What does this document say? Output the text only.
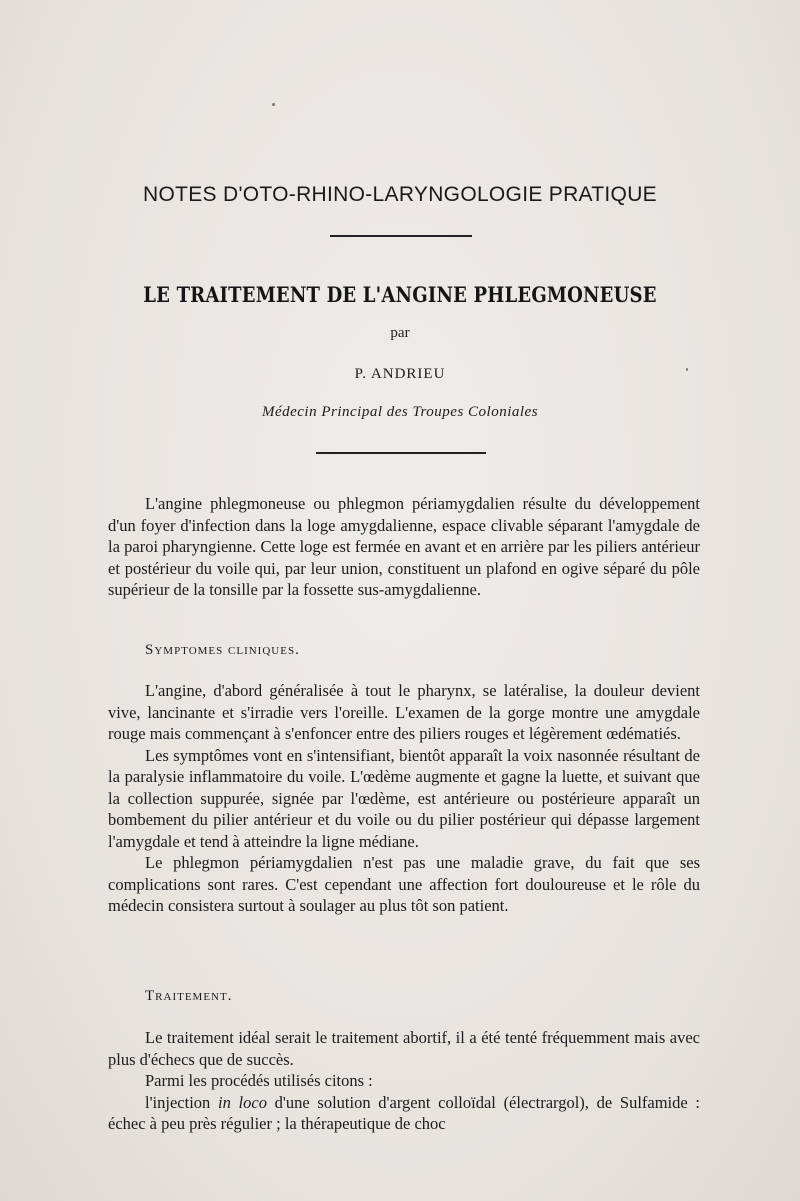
NOTES D'OTO-RHINO-LARYNGOLOGIE PRATIQUE
LE TRAITEMENT DE L'ANGINE PHLEGMONEUSE
par
P. ANDRIEU
Médecin Principal des Troupes Coloniales

L'angine phlegmoneuse ou phlegmon périamygdalien résulte du développement d'un foyer d'infection dans la loge amygdalienne, espace clivable séparant l'amygdale de la paroi pharyngienne. Cette loge est fermée en avant et en arrière par les piliers antérieur et postérieur du voile qui, par leur union, constituent un plafond en ogive séparé du pôle supérieur de la tonsille par la fossette sus-amygdalienne.

Symptomes cliniques.

L'angine, d'abord généralisée à tout le pharynx, se latéralise, la douleur devient vive, lancinante et s'irradie vers l'oreille. L'examen de la gorge montre une amygdale rouge mais commençant à s'enfoncer entre des piliers rouges et légèrement œdématiés.

Les symptômes vont en s'intensifiant, bientôt apparaît la voix nasonnée résultant de la paralysie inflammatoire du voile. L'œdème augmente et gagne la luette, et suivant que la collection suppurée, signée par l'œdème, est antérieure ou postérieure apparaît un bombement du pilier antérieur et du voile ou du pilier postérieur qui dépasse largement l'amygdale et tend à atteindre la ligne médiane.

Le phlegmon périamygdalien n'est pas une maladie grave, du fait que ses complications sont rares. C'est cependant une affection fort douloureuse et le rôle du médecin consistera surtout à soulager au plus tôt son patient.

Traitement.

Le traitement idéal serait le traitement abortif, il a été tenté fréquemment mais avec plus d'échecs que de succès.

Parmi les procédés utilisés citons :

l'injection in loco d'une solution d'argent colloïdal (électrargol), de Sulfamide : échec à peu près régulier ; la thérapeutique de choc
